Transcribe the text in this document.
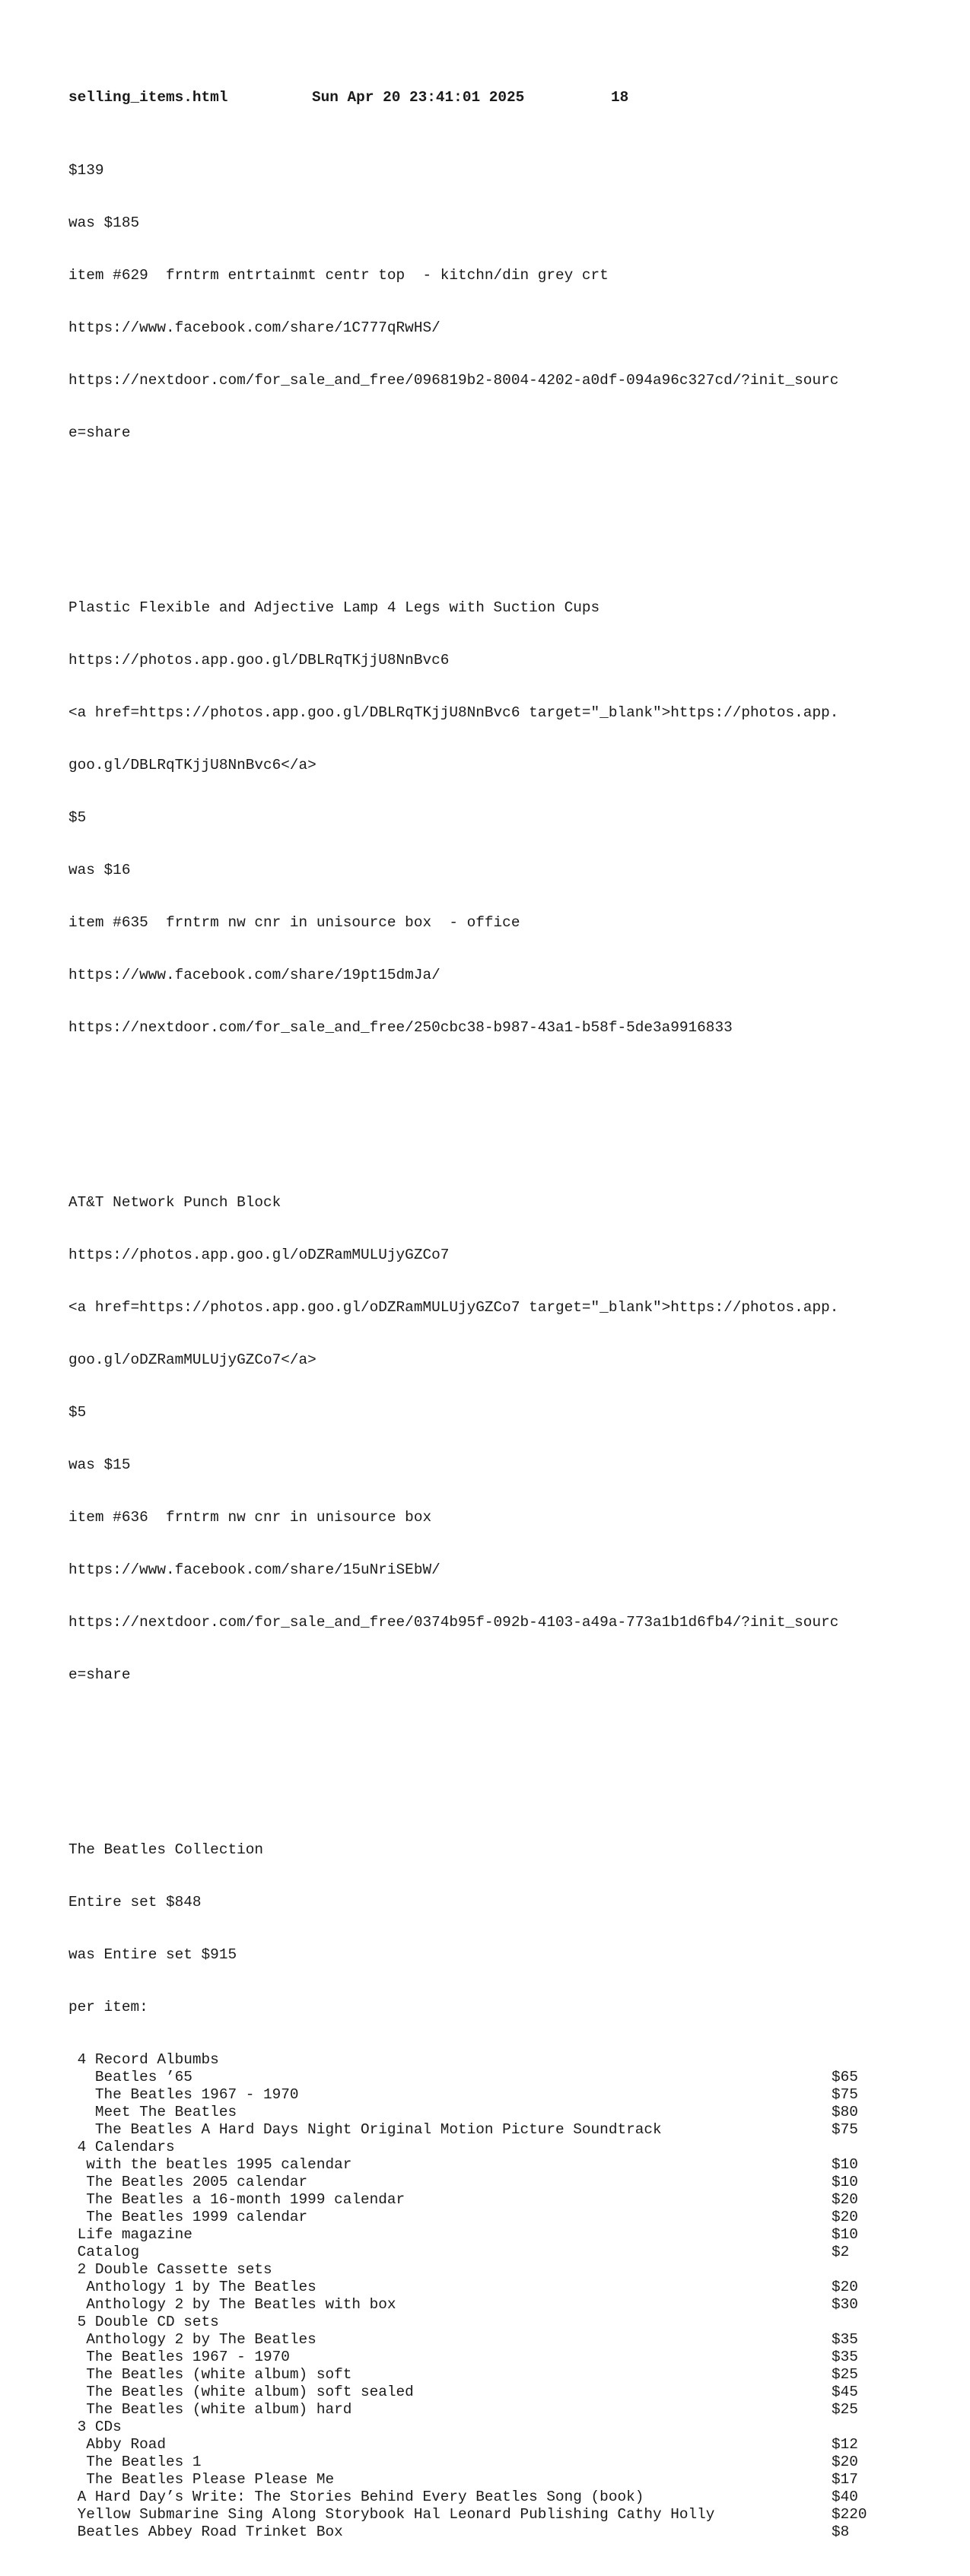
selling_items.html	Sun Apr 20 23:41:01 2025	18

$139

was $185

item #629  frntrm entrtainmt centr top  - kitchn/din grey crt

https://www.facebook.com/share/1C777qRwHS/

https://nextdoor.com/for_sale_and_free/096819b2-8004-4202-a0df-094a96c327cd/?init_sourc

e=share

Plastic Flexible and Adjective Lamp 4 Legs with Suction Cups

https://photos.app.goo.gl/DBLRqTKjjU8NnBvc6

<a href=https://photos.app.goo.gl/DBLRqTKjjU8NnBvc6 target="_blank">https://photos.app.

goo.gl/DBLRqTKjjU8NnBvc6</a>

$5

was $16

item #635  frntrm nw cnr in unisource box  - office

https://www.facebook.com/share/19pt15dmJa/

https://nextdoor.com/for_sale_and_free/250cbc38-b987-43a1-b58f-5de3a9916833

AT&T Network Punch Block

https://photos.app.goo.gl/oDZRamMULUjyGZCo7

<a href=https://photos.app.goo.gl/oDZRamMULUjyGZCo7 target="_blank">https://photos.app.

goo.gl/oDZRamMULUjyGZCo7</a>

$5

was $15

item #636  frntrm nw cnr in unisource box

https://www.facebook.com/share/15uNriSEbW/

https://nextdoor.com/for_sale_and_free/0374b95f-092b-4103-a49a-773a1b1d6fb4/?init_sourc

e=share

The Beatles Collection

Entire set $848

was Entire set $915

per item:

4 Record Albumbs
Beatles ’65	$65
The Beatles 1967 - 1970	$75
Meet The Beatles	$80
The Beatles A Hard Days Night Original Motion Picture Soundtrack	$75
4 Calendars
with the beatles 1995 calendar	$10
The Beatles 2005 calendar	$10
The Beatles a 16-month 1999 calendar	$20
The Beatles 1999 calendar	$20
Life magazine	$10
Catalog	$2
2 Double Cassette sets
Anthology 1 by The Beatles	$20
Anthology 2 by The Beatles with box	$30
5 Double CD sets
Anthology 2 by The Beatles	$35
The Beatles 1967 - 1970	$35
The Beatles (white album) soft	$25
The Beatles (white album) soft sealed	$45
The Beatles (white album) hard	$25
3 CDs
Abby Road	$12
The Beatles 1	$20
The Beatles Please Please Me	$17
A Hard Day’s Write: The Stories Behind Every Beatles Song (book)	$40
Yellow Submarine Sing Along Storybook Hal Leonard Publishing Cathy Holly	$220
Beatles Abbey Road Trinket Box	$8
